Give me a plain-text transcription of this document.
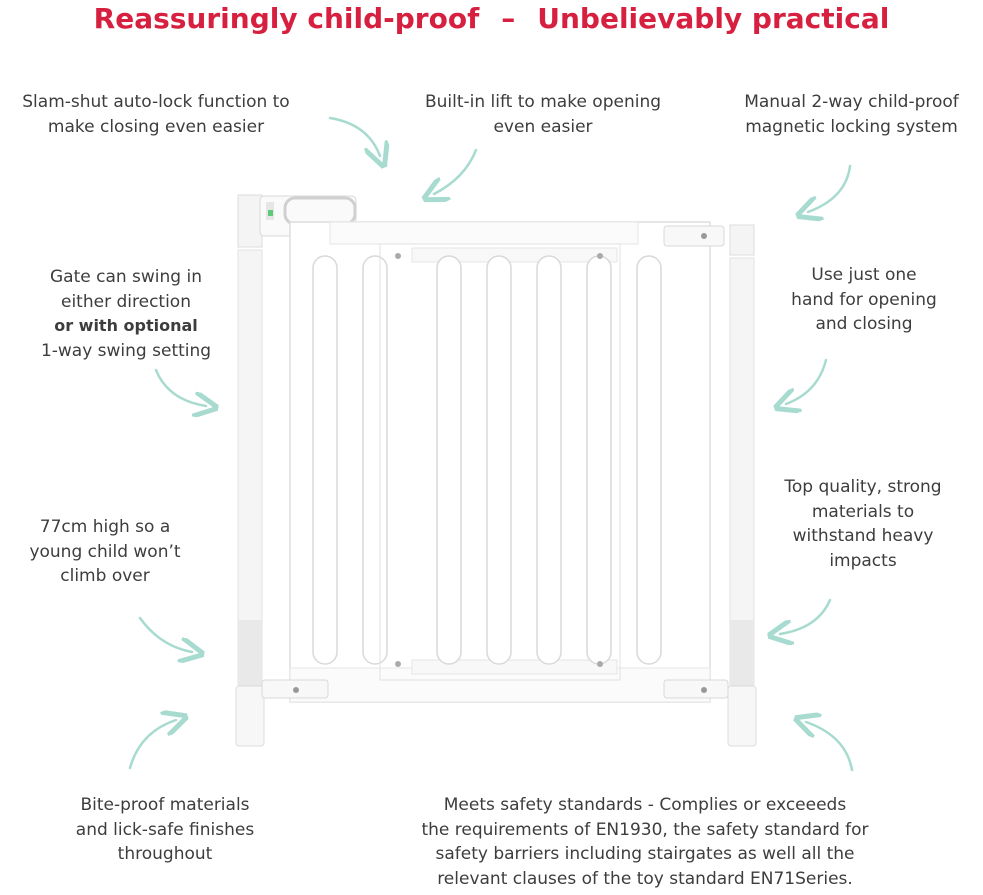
Reassuringly child-proof – Unbelievably practical
Slam-shut auto-lock function to
make closing even easier
Built-in lift to make opening
even easier
Manual 2-way child-proof
magnetic locking system
Gate can swing in
either direction
or with optional
1-way swing setting
Use just one
hand for opening
and closing
77cm high so a
young child won’t
climb over
Top quality, strong
materials to
withstand heavy
impacts
Bite-proof materials
and lick-safe finishes
throughout
Meets safety standards - Complies or exceeeds
the requirements of EN1930, the safety standard for
safety barriers including stairgates as well all the
relevant clauses of the toy standard EN71Series.
